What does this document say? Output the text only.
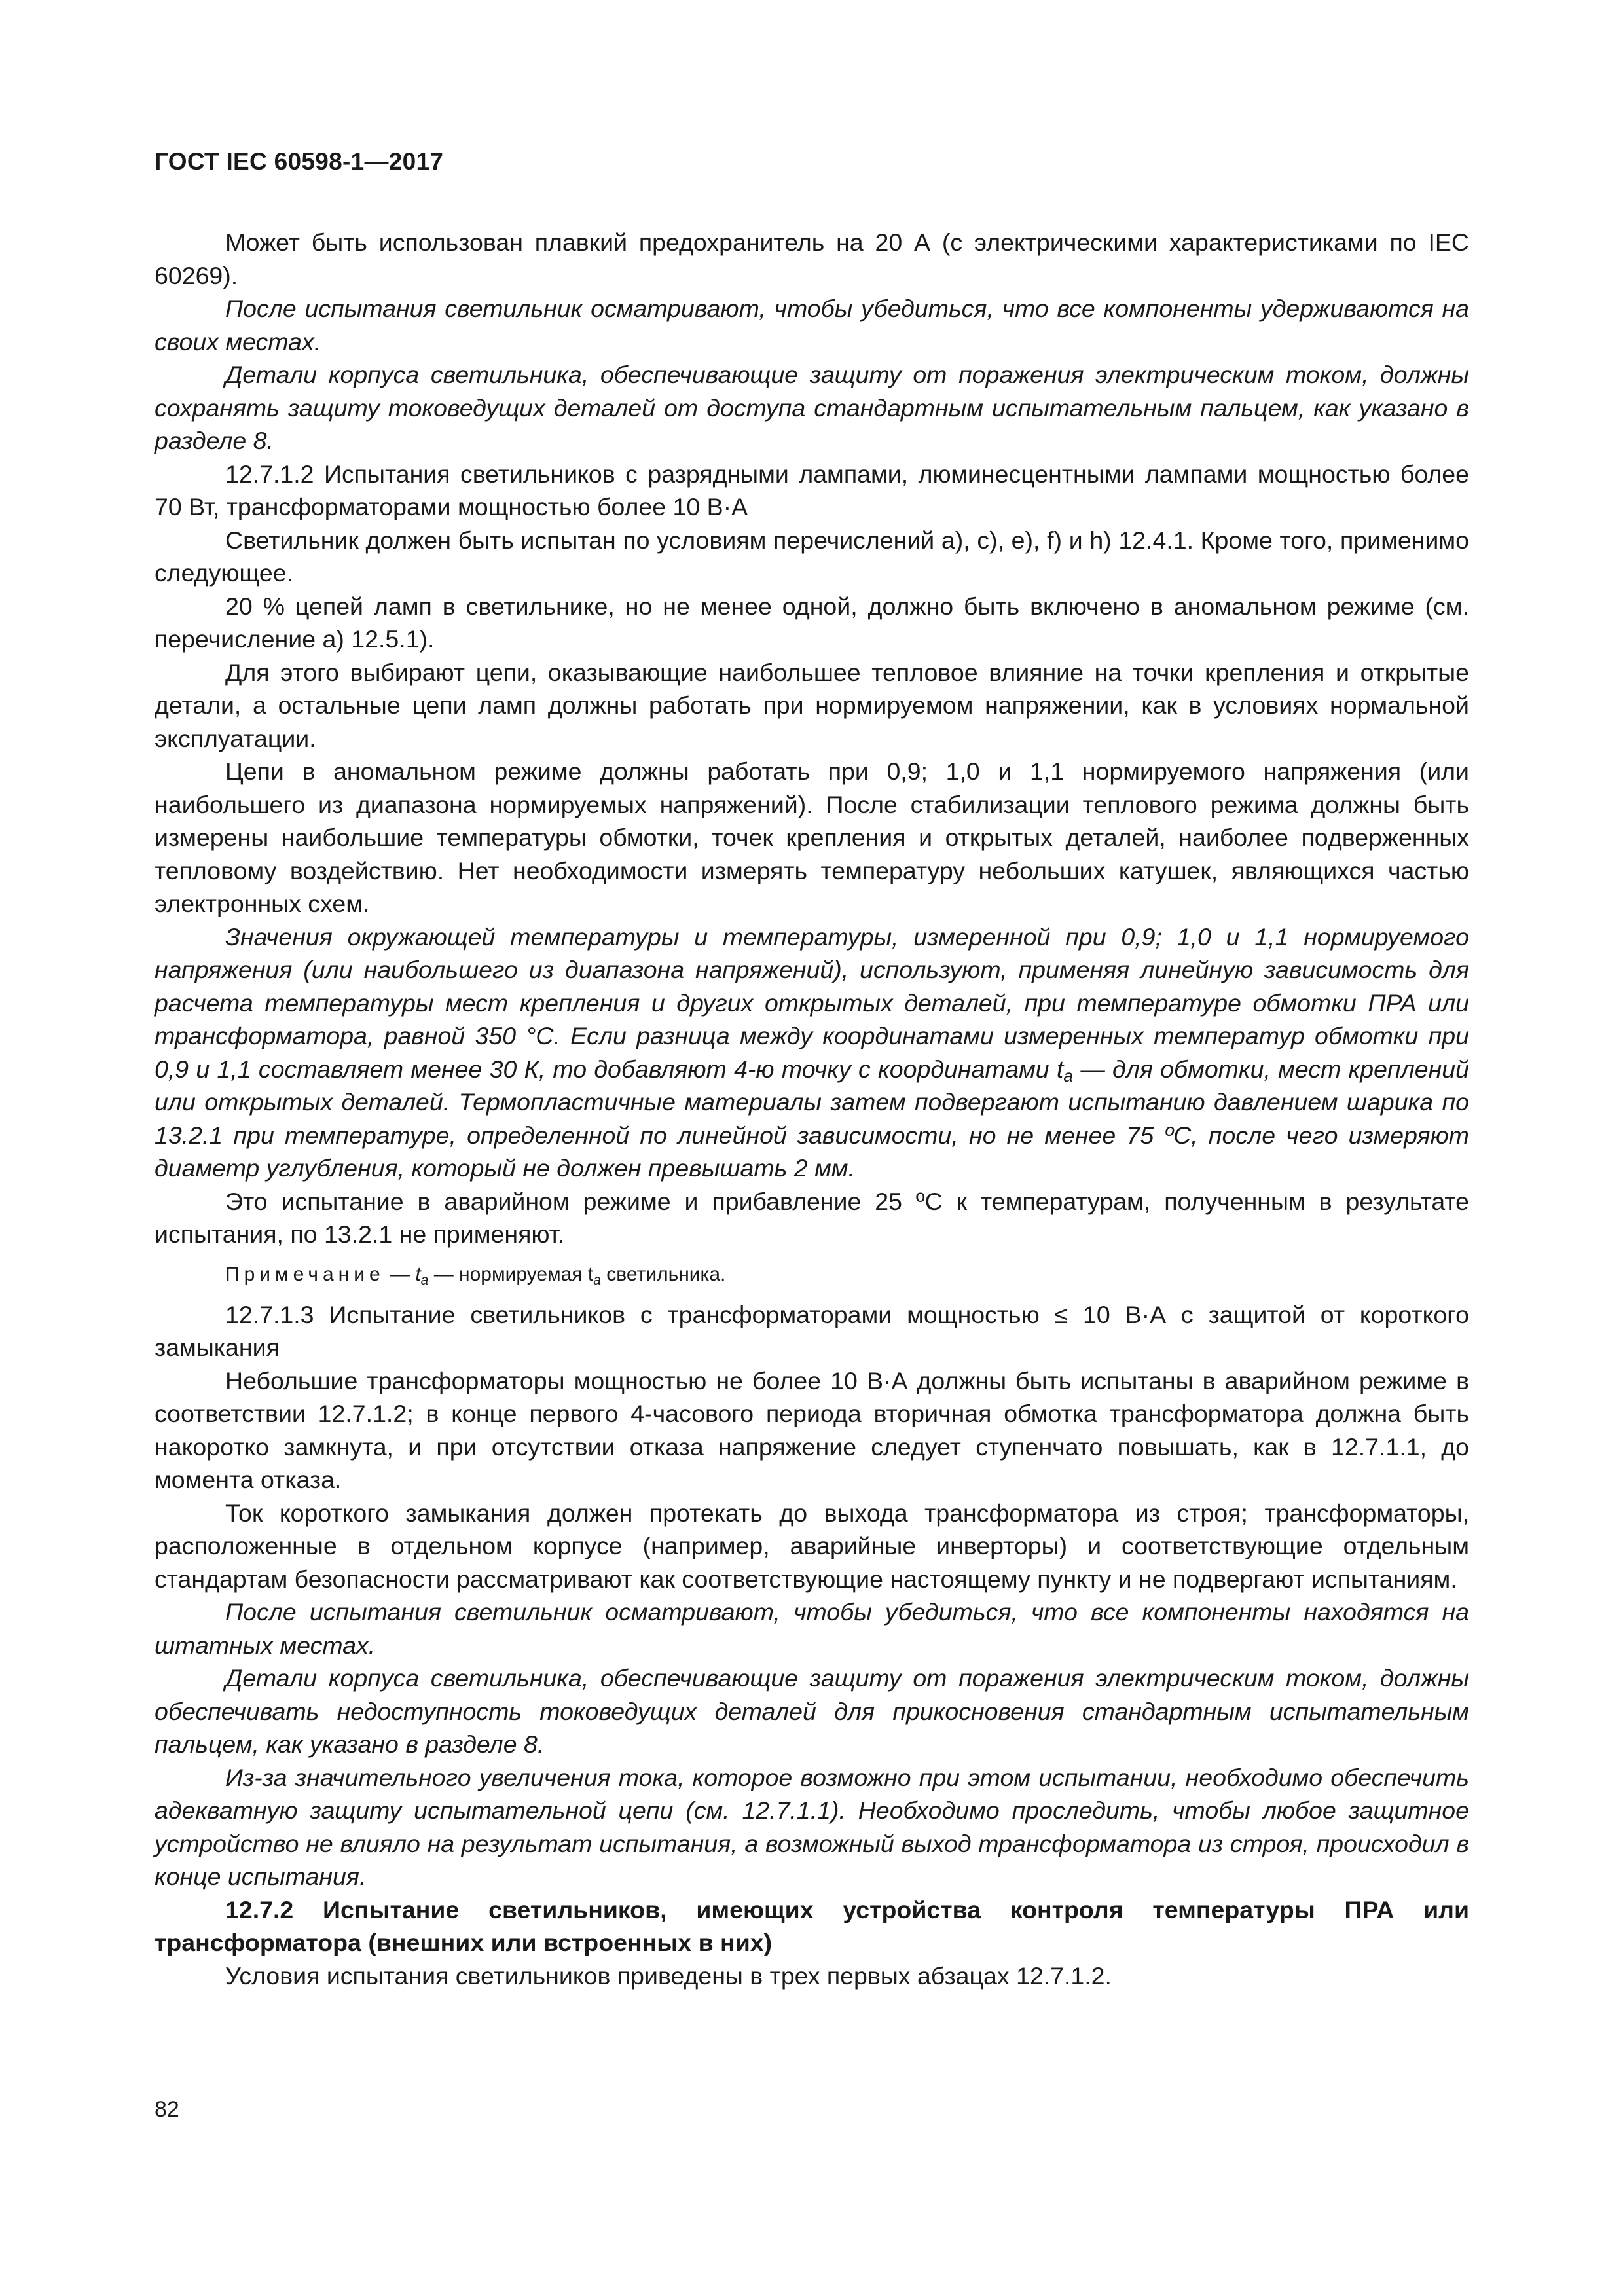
ГОСТ IEC 60598-1—2017

Может быть использован плавкий предохранитель на 20 А (с электрическими характеристиками по IEC 60269).

После испытания светильник осматривают, чтобы убедиться, что все компоненты удерживаются на своих местах.

Детали корпуса светильника, обеспечивающие защиту от поражения электрическим током, должны сохранять защиту токоведущих деталей от доступа стандартным испытательным пальцем, как указано в разделе 8.

12.7.1.2 Испытания светильников с разрядными лампами, люминесцентными лампами мощностью более 70 Вт, трансформаторами мощностью более 10 В·А

Светильник должен быть испытан по условиям перечислений а), с), е), f) и h) 12.4.1. Кроме того, применимо следующее.

20 % цепей ламп в светильнике, но не менее одной, должно быть включено в аномальном режиме (см. перечисление а) 12.5.1).

Для этого выбирают цепи, оказывающие наибольшее тепловое влияние на точки крепления и открытые детали, а остальные цепи ламп должны работать при нормируемом напряжении, как в условиях нормальной эксплуатации.

Цепи в аномальном режиме должны работать при 0,9; 1,0 и 1,1 нормируемого напряжения (или наибольшего из диапазона нормируемых напряжений). После стабилизации теплового режима должны быть измерены наибольшие температуры обмотки, точек крепления и открытых деталей, наиболее подверженных тепловому воздействию. Нет необходимости измерять температуру небольших катушек, являющихся частью электронных схем.

Значения окружающей температуры и температуры, измеренной при 0,9; 1,0 и 1,1 нормируемого напряжения (или наибольшего из диапазона напряжений), используют, применяя линейную зависимость для расчета температуры мест крепления и других открытых деталей, при температуре обмотки ПРА или трансформатора, равной 350 °С. Если разница между координатами измеренных температур обмотки при 0,9 и 1,1 составляет менее 30 К, то добавляют 4-ю точку с координатами $t_a$ — для обмотки, мест креплений или открытых деталей. Термопластичные материалы затем подвергают испытанию давлением шарика по 13.2.1 при температуре, определенной по линейной зависимости, но не менее 75 ºС, после чего измеряют диаметр углубления, который не должен превышать 2 мм.

Это испытание в аварийном режиме и прибавление 25 ºС к температурам, полученным в результате испытания, по 13.2.1 не применяют.

Примечание — $t_a$ — нормируемая $t_a$ светильника.

12.7.1.3 Испытание светильников с трансформаторами мощностью ≤ 10 В·А с защитой от короткого замыкания

Небольшие трансформаторы мощностью не более 10 В·А должны быть испытаны в аварийном режиме в соответствии 12.7.1.2; в конце первого 4-часового периода вторичная обмотка трансформатора должна быть накоротко замкнута, и при отсутствии отказа напряжение следует ступенчато повышать, как в 12.7.1.1, до момента отказа.

Ток короткого замыкания должен протекать до выхода трансформатора из строя; трансформаторы, расположенные в отдельном корпусе (например, аварийные инверторы) и соответствующие отдельным стандартам безопасности рассматривают как соответствующие настоящему пункту и не подвергают испытаниям.

После испытания светильник осматривают, чтобы убедиться, что все компоненты находятся на штатных местах.

Детали корпуса светильника, обеспечивающие защиту от поражения электрическим током, должны обеспечивать недоступность токоведущих деталей для прикосновения стандартным испытательным пальцем, как указано в разделе 8.

Из-за значительного увеличения тока, которое возможно при этом испытании, необходимо обеспечить адекватную защиту испытательной цепи (см. 12.7.1.1). Необходимо проследить, чтобы любое защитное устройство не влияло на результат испытания, а возможный выход трансформатора из строя, происходил в конце испытания.

12.7.2 Испытание светильников, имеющих устройства контроля температуры ПРА или трансформатора (внешних или встроенных в них)

Условия испытания светильников приведены в трех первых абзацах 12.7.1.2.

82
